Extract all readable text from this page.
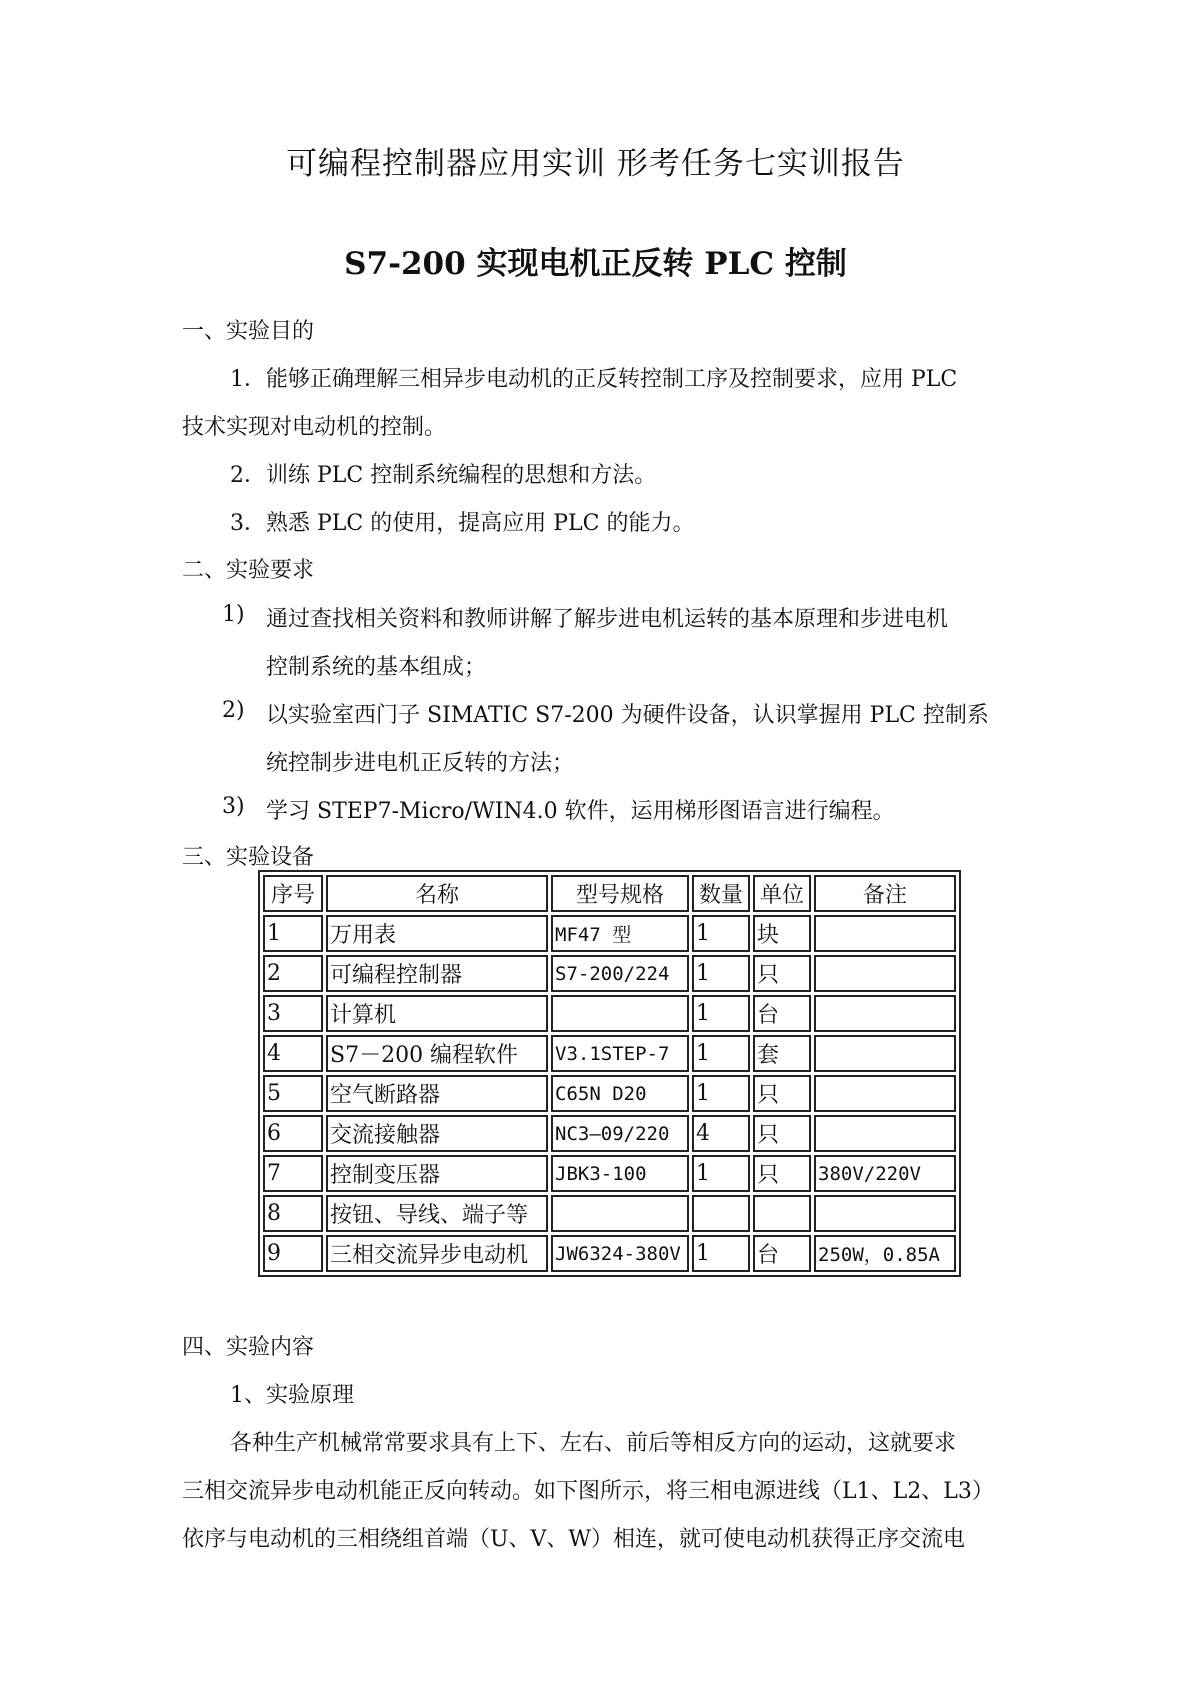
可编程控制器应用实训 形考任务七实训报告
S7-200 实现电机正反转 PLC 控制
一、实验目的
1．能够正确理解三相异步电动机的正反转控制工序及控制要求，应用 PLC
技术实现对电动机的控制。
2．训练 PLC 控制系统编程的思想和方法。
3．熟悉 PLC 的使用，提高应用 PLC 的能力。
二、实验要求
1) 通过查找相关资料和教师讲解了解步进电机运转的基本原理和步进电机
控制系统的基本组成；
2) 以实验室西门子 SIMATIC S7-200 为硬件设备，认识掌握用 PLC 控制系
统控制步进电机正反转的方法；
3) 学习 STEP7-Micro/WIN4.0 软件，运用梯形图语言进行编程。
三、实验设备
序号	名称	型号规格	数量	单位	备注
1	万用表	MF47 型	1	块	
2	可编程控制器	S7-200/224	1	只	
3	计算机		1	台	
4	S7－200 编程软件	V3.1STEP-7	1	套	
5	空气断路器	C65N D20	1	只	
6	交流接触器	NC3—09/220	4	只	
7	控制变压器	JBK3-100	1	只	380V/220V
8	按钮、导线、端子等				
9	三相交流异步电动机	JW6324-380V	1	台	250W，0.85A
四、实验内容
1、实验原理
各种生产机械常常要求具有上下、左右、前后等相反方向的运动，这就要求
三相交流异步电动机能正反向转动。如下图所示，将三相电源进线（L1、L2、L3）
依序与电动机的三相绕组首端（U、V、W）相连，就可使电动机获得正序交流电
